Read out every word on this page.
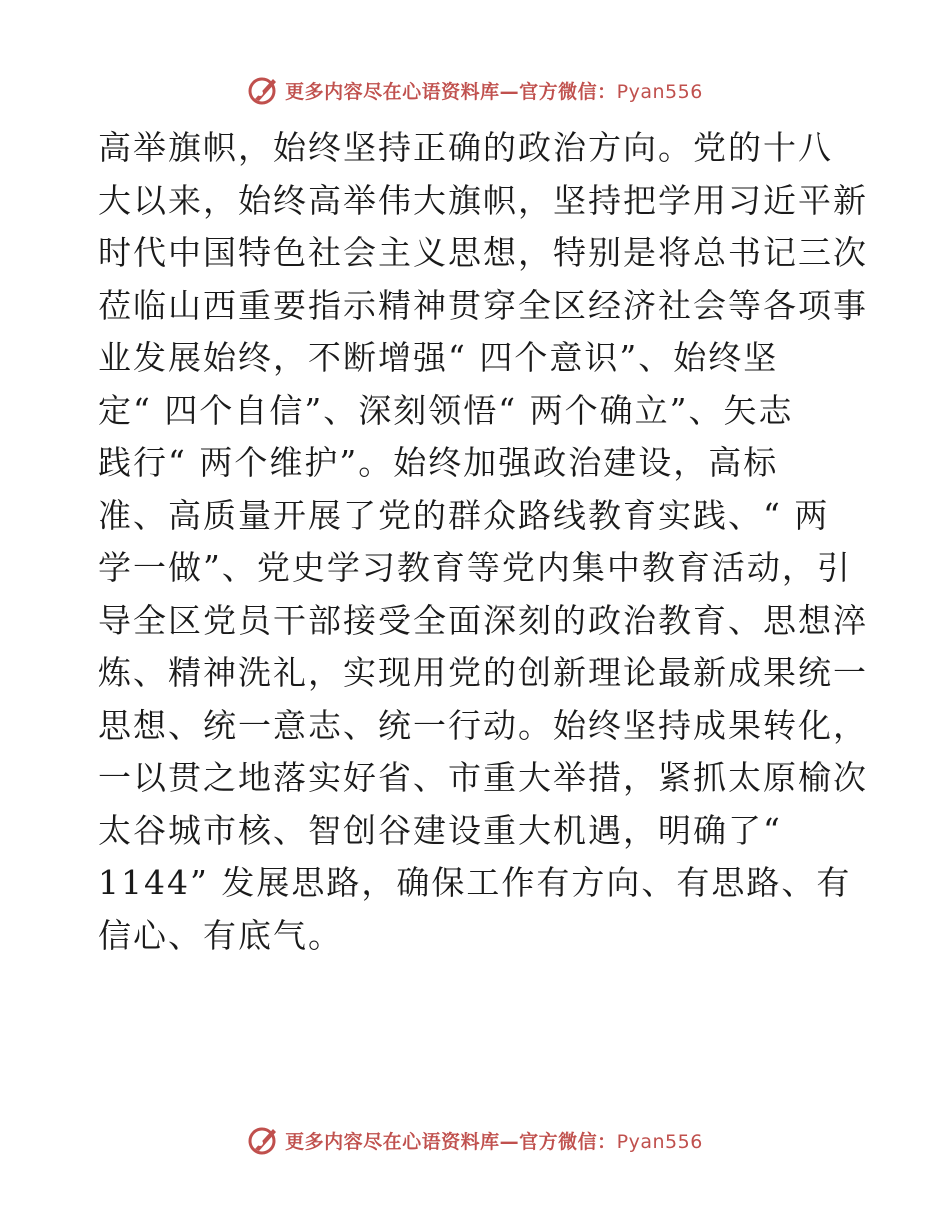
更多内容尽在心语资料库—官方微信：Pyan556
高举旗帜，始终坚持正确的政治方向。党的十八
大以来，始终高举伟大旗帜，坚持把学用习近平新
时代中国特色社会主义思想，特别是将总书记三次
莅临山西重要指示精神贯穿全区经济社会等各项事
业发展始终，不断增强“ 四个意识”、始终坚
定“ 四个自信”、深刻领悟“ 两个确立”、矢志
践行“ 两个维护”。始终加强政治建设，高标
准、高质量开展了党的群众路线教育实践、“ 两
学一做”、党史学习教育等党内集中教育活动，引
导全区党员干部接受全面深刻的政治教育、思想淬
炼、精神洗礼，实现用党的创新理论最新成果统一
思想、统一意志、统一行动。始终坚持成果转化，
一以贯之地落实好省、市重大举措，紧抓太原榆次
太谷城市核、智创谷建设重大机遇，明确了“
1144” 发展思路，确保工作有方向、有思路、有
信心、有底气。
更多内容尽在心语资料库—官方微信：Pyan556
